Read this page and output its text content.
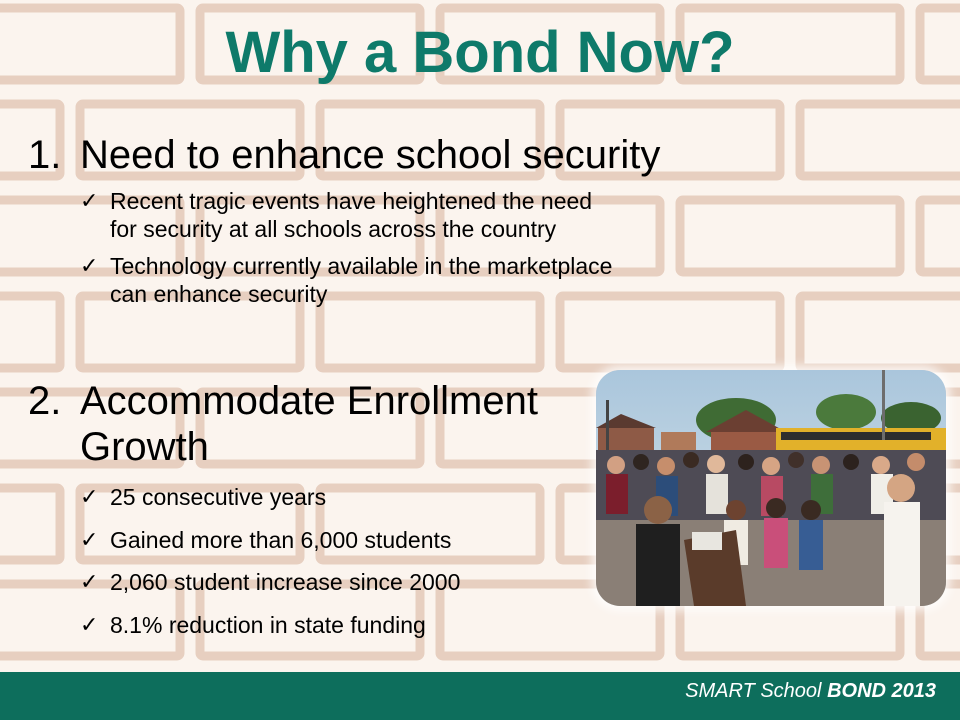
Why a Bond Now?
1. Need to enhance school security
✓ Recent tragic events have heightened the need
for security at all schools across the country
✓ Technology currently available in the marketplace
can enhance security
2. Accommodate Enrollment
Growth
✓ 25 consecutive years
✓ Gained more than 6,000 students
✓ 2,060 student increase since 2000
✓ 8.1% reduction in state funding
SMART School BOND 2013
